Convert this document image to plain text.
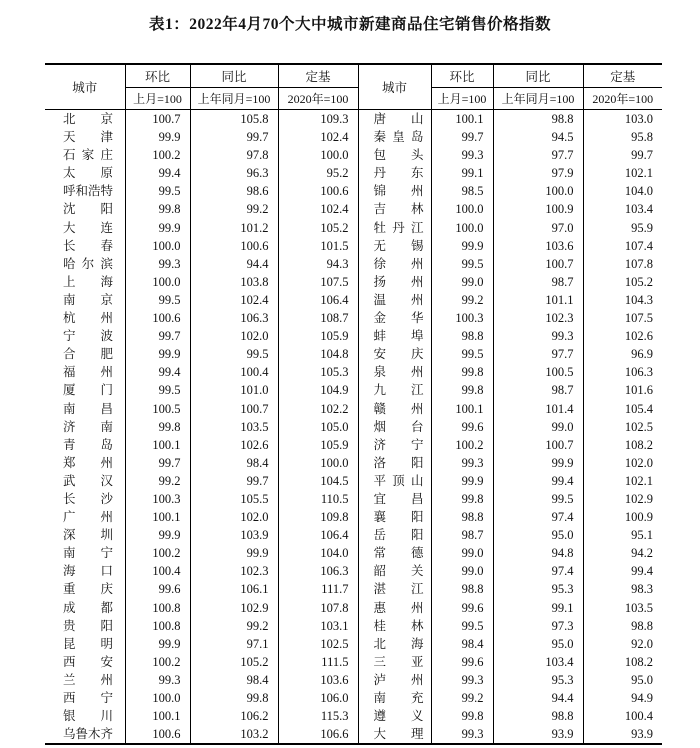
表1：2022年4月70个大中城市新建商品住宅销售价格指数
城市	环比	同比	定基	城市	环比	同比	定基
	上月=100	上年同月=100	2020年=100		上月=100	上年同月=100	2020年=100
北京	100.7	105.8	109.3	唐山	100.1	98.8	103.0
天津	99.9	99.7	102.4	秦皇岛	99.7	94.5	95.8
石家庄	100.2	97.8	100.0	包头	99.3	97.7	99.7
太原	99.4	96.3	95.2	丹东	99.1	97.9	102.1
呼和浩特	99.5	98.6	100.6	锦州	98.5	100.0	104.0
沈阳	99.8	99.2	102.4	吉林	100.0	100.9	103.4
大连	99.9	101.2	105.2	牡丹江	100.0	97.0	95.9
长春	100.0	100.6	101.5	无锡	99.9	103.6	107.4
哈尔滨	99.3	94.4	94.3	徐州	99.5	100.7	107.8
上海	100.0	103.8	107.5	扬州	99.0	98.7	105.2
南京	99.5	102.4	106.4	温州	99.2	101.1	104.3
杭州	100.6	106.3	108.7	金华	100.3	102.3	107.5
宁波	99.7	102.0	105.9	蚌埠	98.8	99.3	102.6
合肥	99.9	99.5	104.8	安庆	99.5	97.7	96.9
福州	99.4	100.4	105.3	泉州	99.8	100.5	106.3
厦门	99.5	101.0	104.9	九江	99.8	98.7	101.6
南昌	100.5	100.7	102.2	赣州	100.1	101.4	105.4
济南	99.8	103.5	105.0	烟台	99.6	99.0	102.5
青岛	100.1	102.6	105.9	济宁	100.2	100.7	108.2
郑州	99.7	98.4	100.0	洛阳	99.3	99.9	102.0
武汉	99.2	99.7	104.5	平顶山	99.9	99.4	102.1
长沙	100.3	105.5	110.5	宜昌	99.8	99.5	102.9
广州	100.1	102.0	109.8	襄阳	98.8	97.4	100.9
深圳	99.9	103.9	106.4	岳阳	98.7	95.0	95.1
南宁	100.2	99.9	104.0	常德	99.0	94.8	94.2
海口	100.4	102.3	106.3	韶关	99.0	97.4	99.4
重庆	99.6	106.1	111.7	湛江	98.8	95.3	98.3
成都	100.8	102.9	107.8	惠州	99.6	99.1	103.5
贵阳	100.8	99.2	103.1	桂林	99.5	97.3	98.8
昆明	99.9	97.1	102.5	北海	98.4	95.0	92.0
西安	100.2	105.2	111.5	三亚	99.6	103.4	108.2
兰州	99.3	98.4	103.6	泸州	99.3	95.3	95.0
西宁	100.0	99.8	106.0	南充	99.2	94.4	94.9
银川	100.1	106.2	115.3	遵义	99.8	98.8	100.4
乌鲁木齐	100.6	103.2	106.6	大理	99.3	93.9	93.9
